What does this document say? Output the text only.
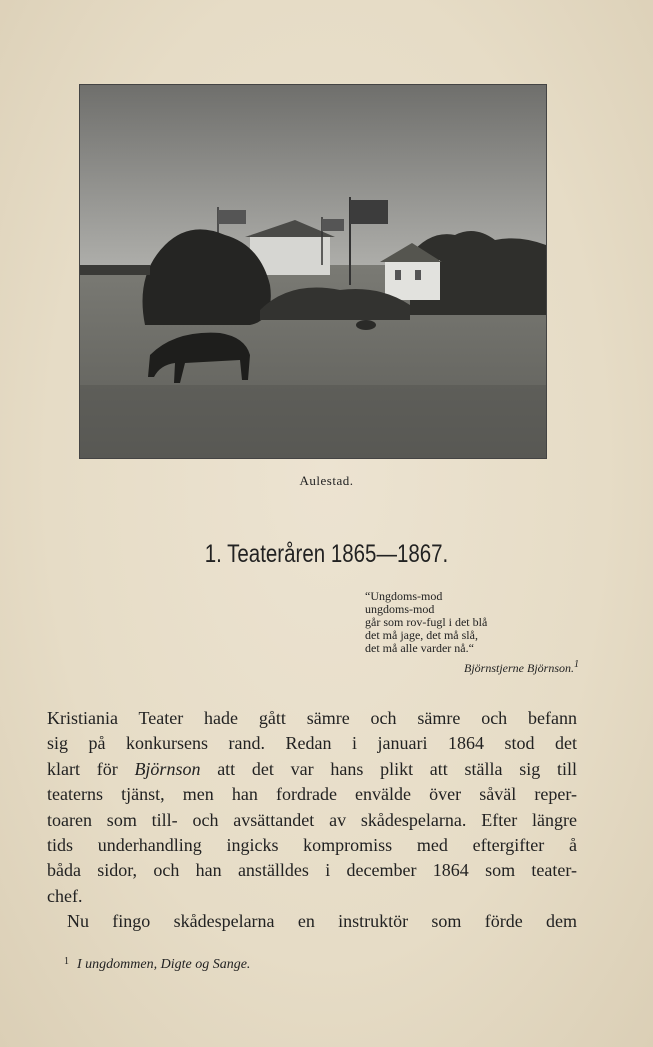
Aulestad.
1. Teateråren 1865—1867.
“Ungdoms-mod
ungdoms-mod
går som rov-fugl i det blå
det må jage, det må slå,
det må alle varder nå.“
Björnstjerne Björnson.$^1$

Kristiania Teater hade gått sämre och sämre och befann
sig på konkursens rand. Redan i januari 1864 stod det
klart för Björnson att det var hans plikt att ställa sig till
teaterns tjänst, men han fordrade envälde över såväl reper-
toaren som till- och avsättandet av skådespelarna. Efter längre
tids underhandling ingicks kompromiss med eftergifter å
båda sidor, och han anställdes i december 1864 som teater-
chef.

Nu fingo skådespelarna en instruktör som förde dem

$^1$ I ungdommen, Digte og Sange.
